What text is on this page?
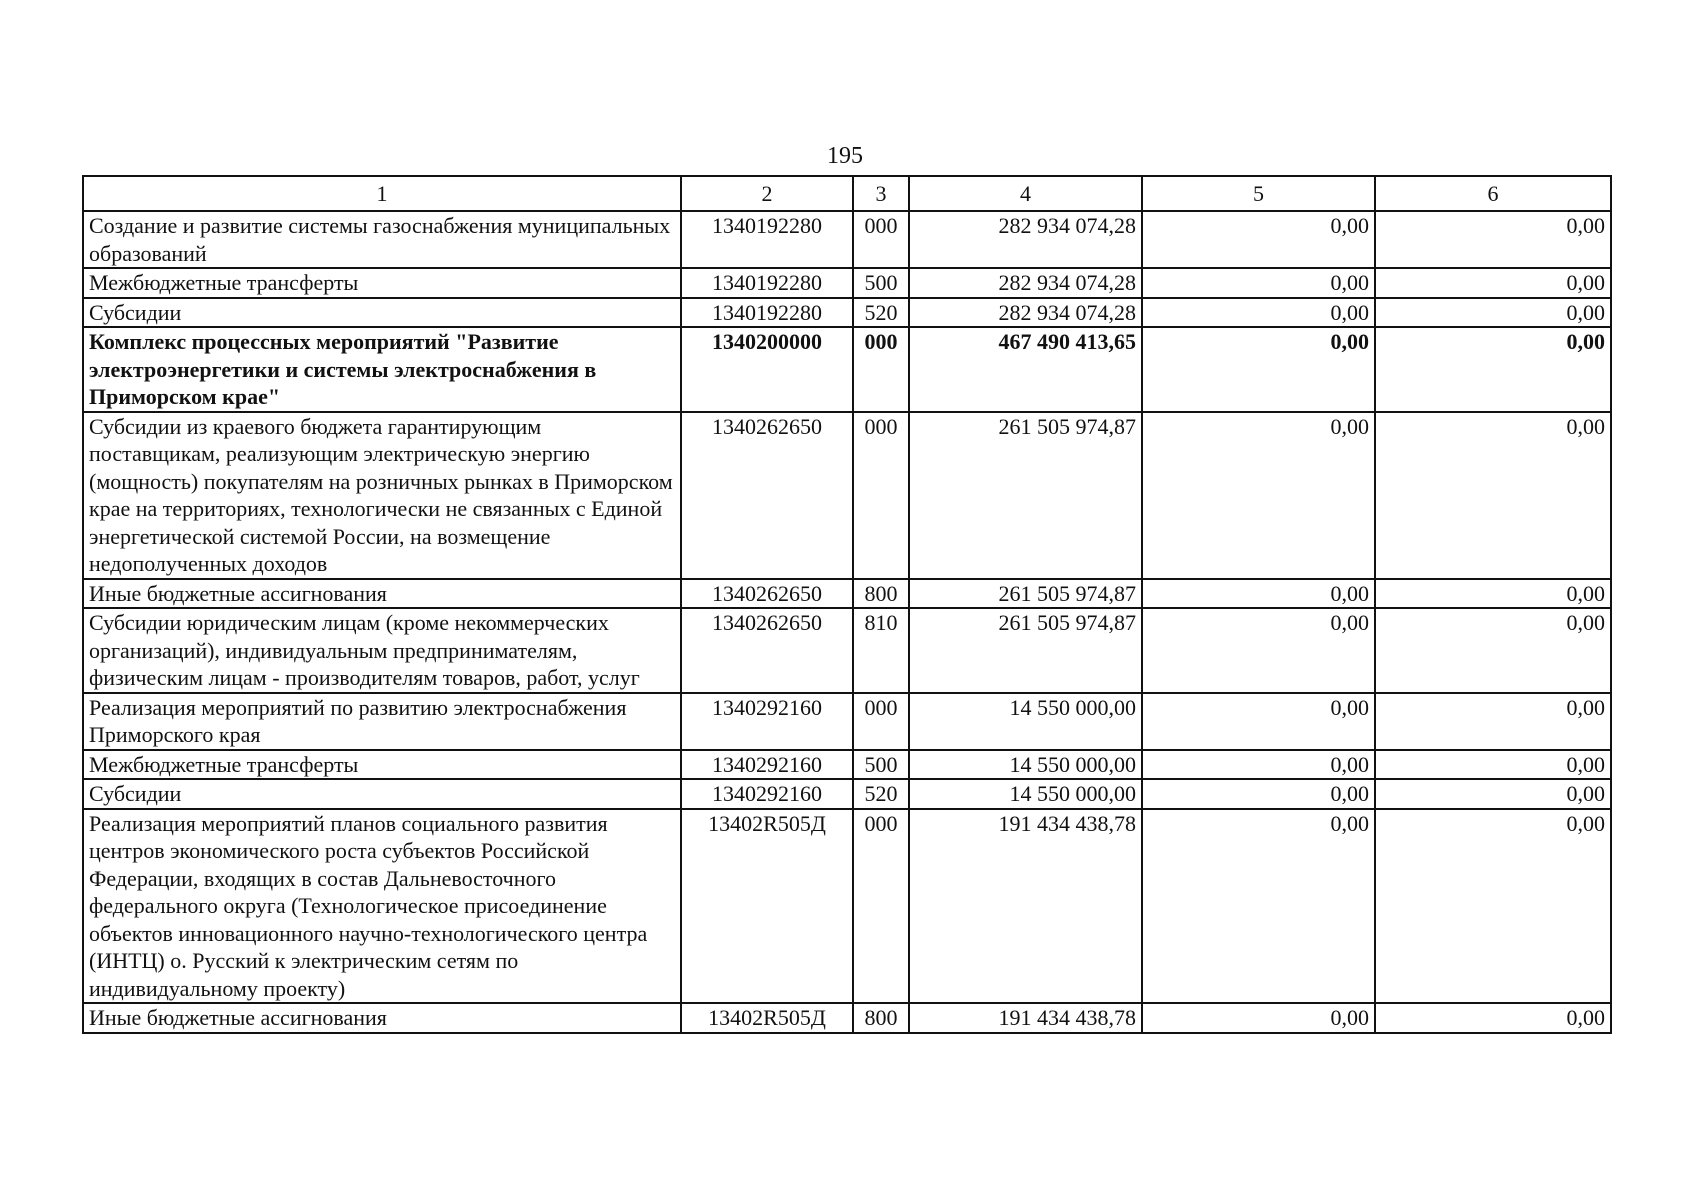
195
1	2	3	4	5	6
Создание и развитие системы газоснабжения муниципальных образований	1340192280	000	282 934 074,28	0,00	0,00
Межбюджетные трансферты	1340192280	500	282 934 074,28	0,00	0,00
Субсидии	1340192280	520	282 934 074,28	0,00	0,00
Комплекс процессных мероприятий "Развитие электроэнергетики и системы электроснабжения в Приморском крае"	1340200000	000	467 490 413,65	0,00	0,00
Субсидии из краевого бюджета гарантирующим поставщикам, реализующим электрическую энергию (мощность) покупателям на розничных рынках в Приморском крае на территориях, технологически не связанных с Единой энергетической системой России, на возмещение недополученных доходов	1340262650	000	261 505 974,87	0,00	0,00
Иные бюджетные ассигнования	1340262650	800	261 505 974,87	0,00	0,00
Субсидии юридическим лицам (кроме некоммерческих организаций), индивидуальным предпринимателям, физическим лицам - производителям товаров, работ, услуг	1340262650	810	261 505 974,87	0,00	0,00
Реализация мероприятий по развитию электроснабжения Приморского края	1340292160	000	14 550 000,00	0,00	0,00
Межбюджетные трансферты	1340292160	500	14 550 000,00	0,00	0,00
Субсидии	1340292160	520	14 550 000,00	0,00	0,00
Реализация мероприятий планов социального развития центров экономического роста субъектов Российской Федерации, входящих в состав Дальневосточного федерального округа (Технологическое присоединение объектов инновационного научно-технологического центра (ИНТЦ) о. Русский к электрическим сетям по индивидуальному проекту)	13402R505Д	000	191 434 438,78	0,00	0,00
Иные бюджетные ассигнования	13402R505Д	800	191 434 438,78	0,00	0,00
